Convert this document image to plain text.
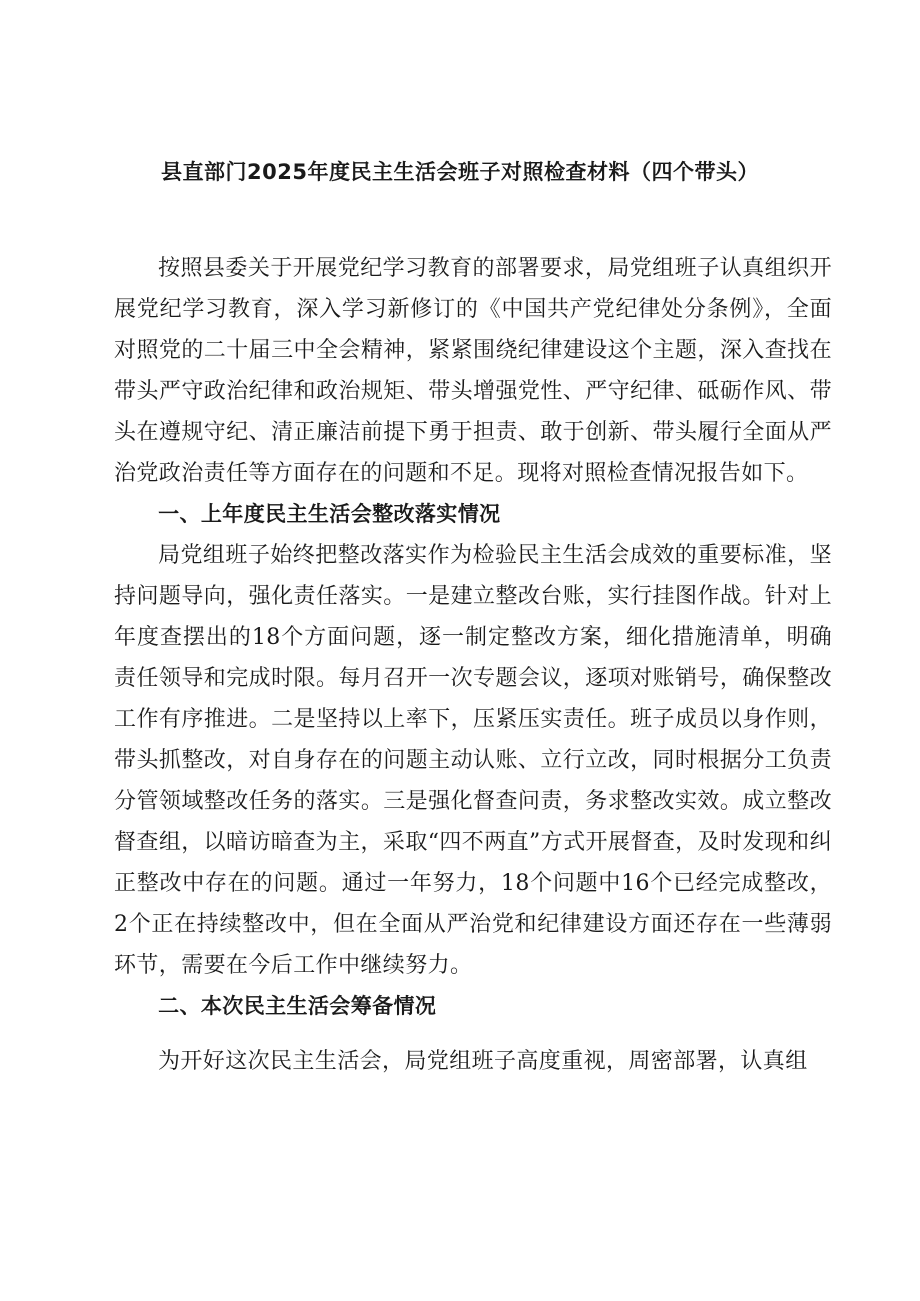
县直部门2025年度民主生活会班子对照检查材料（四个带头）

按照县委关于开展党纪学习教育的部署要求，局党组班子认真组织开展党纪学习教育，深入学习新修订的《中国共产党纪律处分条例》，全面对照党的二十届三中全会精神，紧紧围绕纪律建设这个主题，深入查找在带头严守政治纪律和政治规矩、带头增强党性、严守纪律、砥砺作风、带头在遵规守纪、清正廉洁前提下勇于担责、敢于创新、带头履行全面从严治党政治责任等方面存在的问题和不足。现将对照检查情况报告如下。

一、上年度民主生活会整改落实情况

局党组班子始终把整改落实作为检验民主生活会成效的重要标准，坚持问题导向，强化责任落实。一是建立整改台账，实行挂图作战。针对上年度查摆出的18个方面问题，逐一制定整改方案，细化措施清单，明确责任领导和完成时限。每月召开一次专题会议，逐项对账销号，确保整改工作有序推进。二是坚持以上率下，压紧压实责任。班子成员以身作则，带头抓整改，对自身存在的问题主动认账、立行立改，同时根据分工负责分管领域整改任务的落实。三是强化督查问责，务求整改实效。成立整改督查组，以暗访暗查为主，采取“四不两直”方式开展督查，及时发现和纠正整改中存在的问题。通过一年努力，18个问题中16个已经完成整改，2个正在持续整改中，但在全面从严治党和纪律建设方面还存在一些薄弱环节，需要在今后工作中继续努力。

二、本次民主生活会筹备情况

为开好这次民主生活会，局党组班子高度重视，周密部署，认真组
